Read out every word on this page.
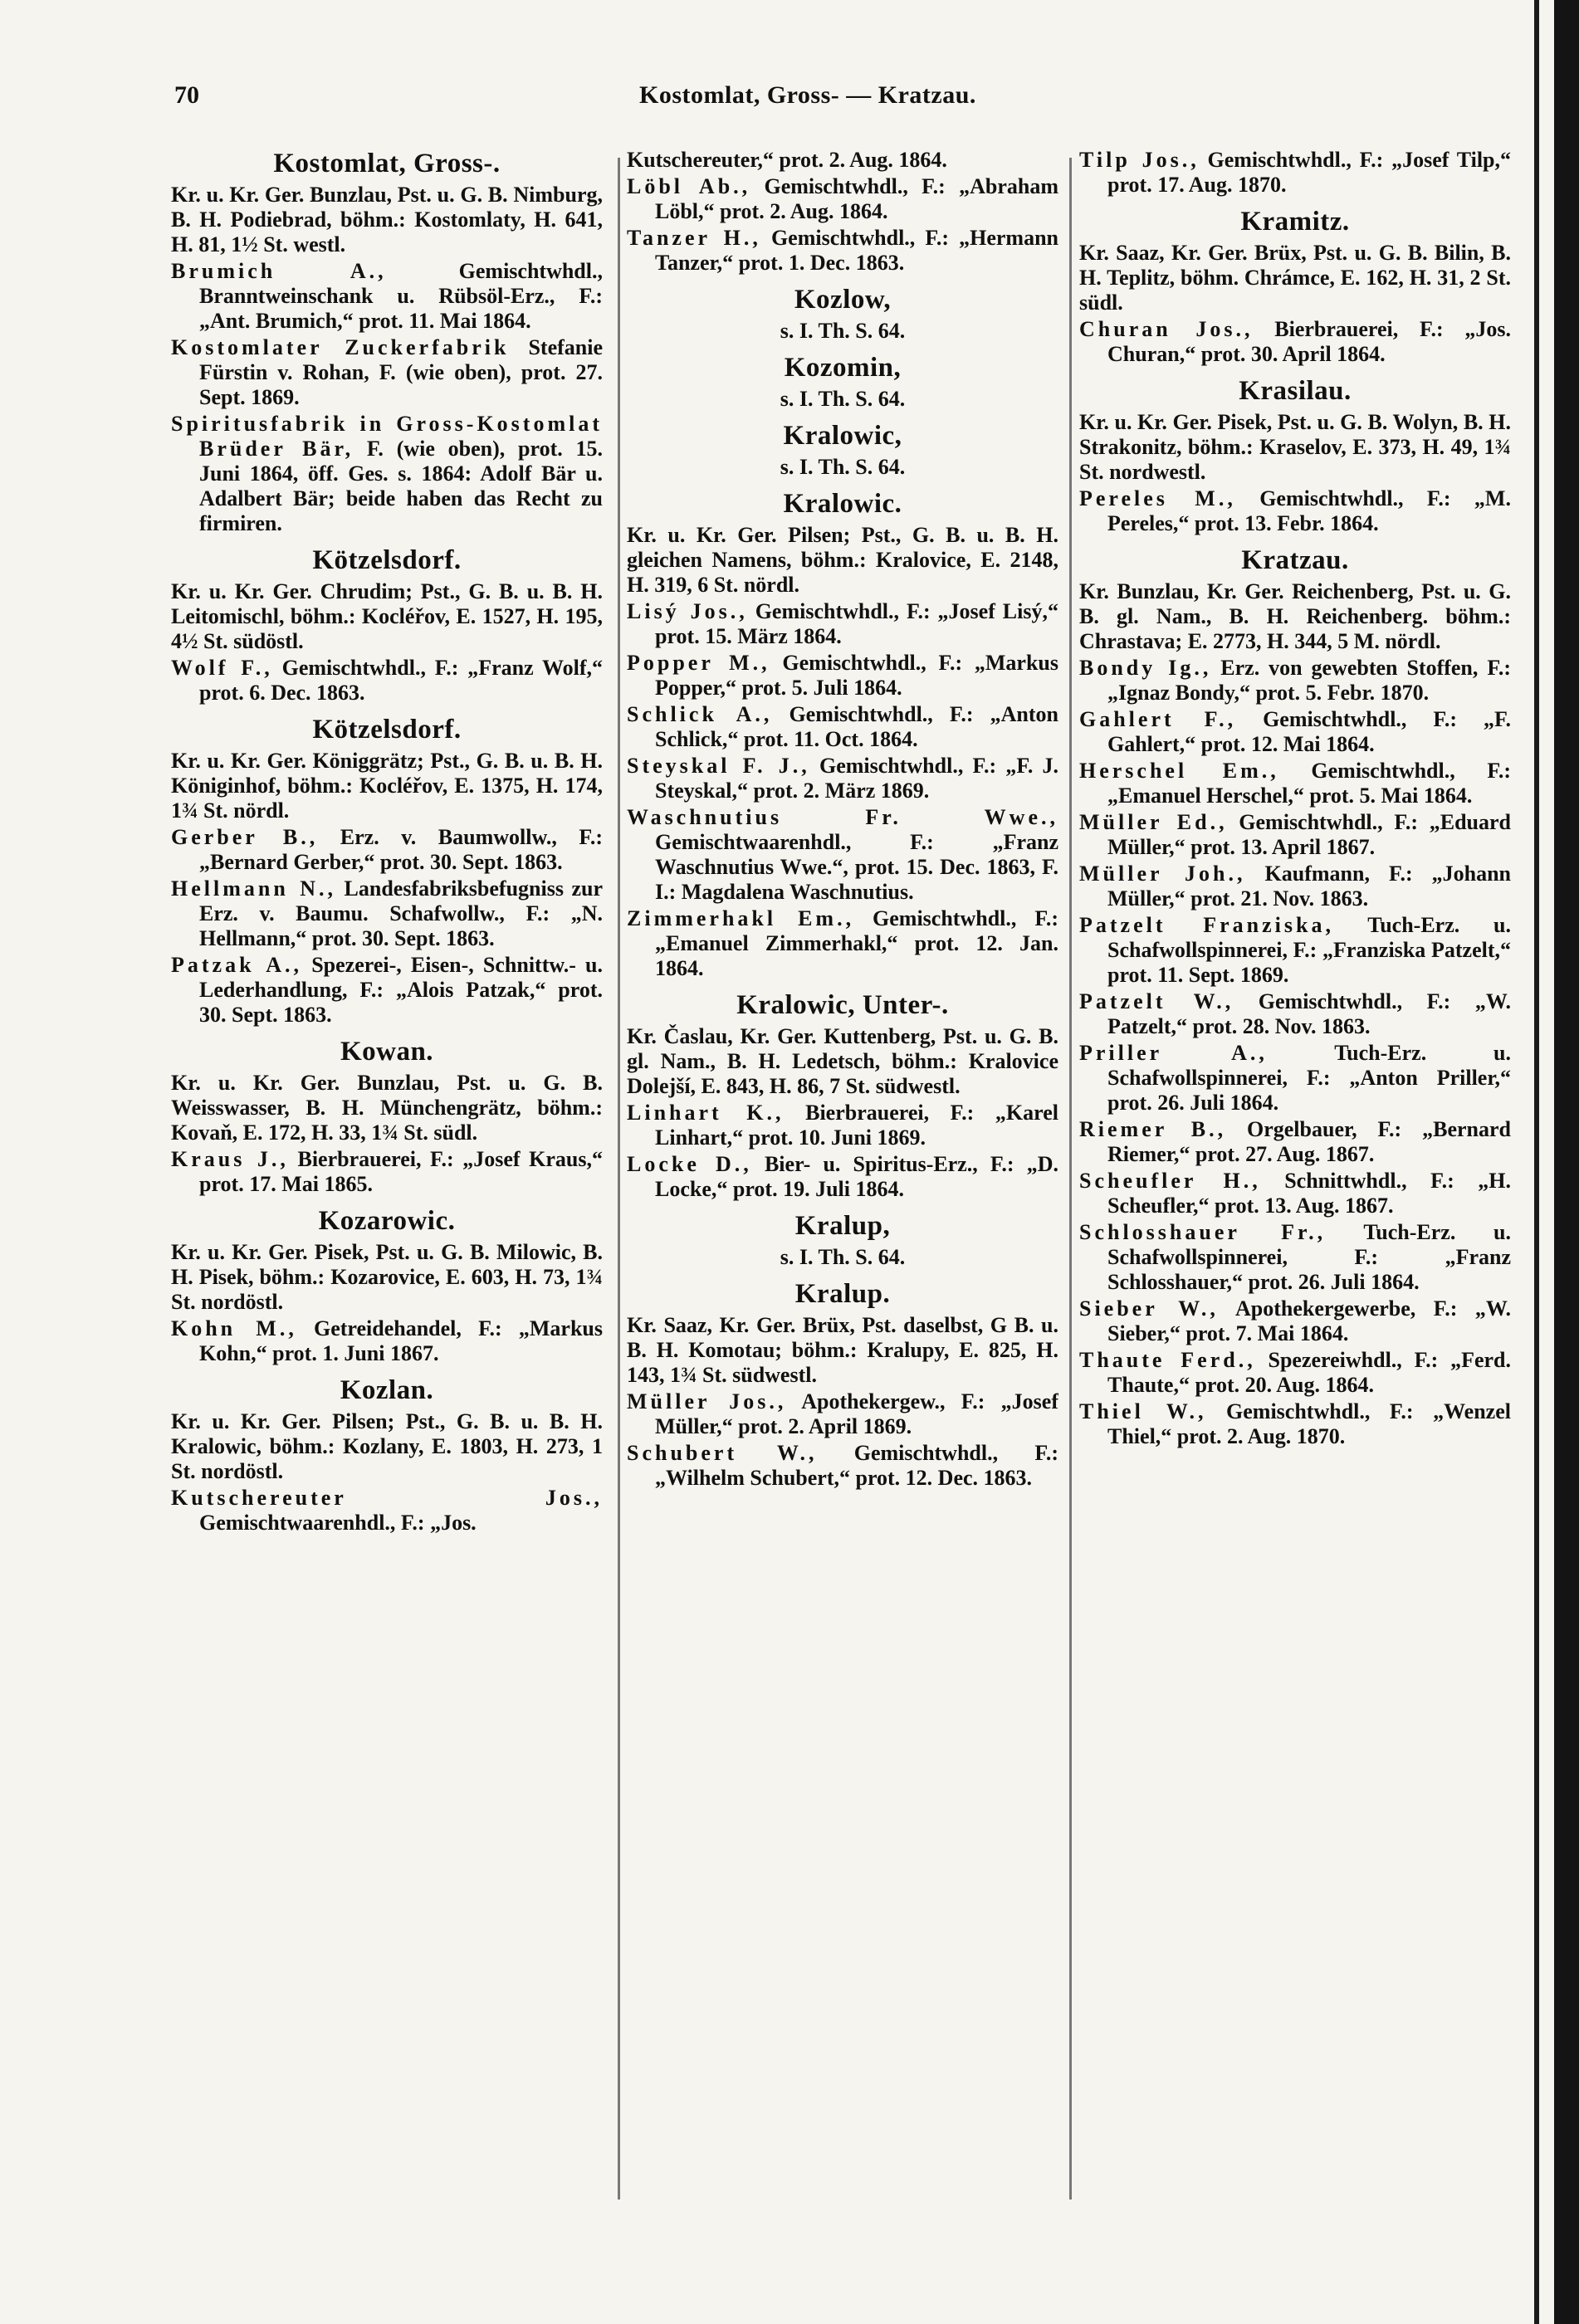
70	Kostomlat, Gross- — Kratzau.
Kostomlat, Gross-.
Kr. u. Kr. Ger. Bunzlau, Pst. u. G. B. Nimburg, B. H. Podiebrad, böhm.: Kostomlaty, H. 641, H. 81, 1½ St. westl.
Brumich A., Gemischtwhdl., Branntweinschank u. Rübsöl-Erz., F.: „Ant. Brumich,“ prot. 11. Mai 1864.
Kostomlater Zuckerfabrik Stefanie Fürstin v. Rohan, F. (wie oben), prot. 27. Sept. 1869.
Spiritusfabrik in Gross-Kostomlat Brüder Bär, F. (wie oben), prot. 15. Juni 1864, öff. Ges. s. 1864: Adolf Bär u. Adalbert Bär; beide haben das Recht zu firmiren.
Kötzelsdorf.
Kr. u. Kr. Ger. Chrudim; Pst., G. B. u. B. H. Leitomischl, böhm.: Kocléřov, E. 1527, H. 195, 4½ St. südöstl.
Wolf F., Gemischtwhdl., F.: „Franz Wolf,“ prot. 6. Dec. 1863.
Kötzelsdorf.
Kr. u. Kr. Ger. Königgrätz; Pst., G. B. u. B. H. Königinhof, böhm.: Kocléřov, E. 1375, H. 174, 1¾ St. nördl.
Gerber B., Erz. v. Baumwollw., F.: „Bernard Gerber,“ prot. 30. Sept. 1863.
Hellmann N., Landesfabriksbefugniss zur Erz. v. Baumu. Schafwollw., F.: „N. Hellmann,“ prot. 30. Sept. 1863.
Patzak A., Spezerei-, Eisen-, Schnittw.- u. Lederhandlung, F.: „Alois Patzak,“ prot. 30. Sept. 1863.
Kowan.
Kr. u. Kr. Ger. Bunzlau, Pst. u. G. B. Weisswasser, B. H. Münchengrätz, böhm.: Kovaň, E. 172, H. 33, 1¾ St. südl.
Kraus J., Bierbrauerei, F.: „Josef Kraus,“ prot. 17. Mai 1865.
Kozarowic.
Kr. u. Kr. Ger. Pisek, Pst. u. G. B. Milowic, B. H. Pisek, böhm.: Kozarovice, E. 603, H. 73, 1¾ St. nordöstl.
Kohn M., Getreidehandel, F.: „Markus Kohn,“ prot. 1. Juni 1867.
Kozlan.
Kr. u. Kr. Ger. Pilsen; Pst., G. B. u. B. H. Kralowic, böhm.: Kozlany, E. 1803, H. 273, 1 St. nordöstl.
Kutschereuter Jos., Gemischtwaarenhdl., F.: „Jos.
Kutschereuter,“ prot. 2. Aug. 1864.
Löbl Ab., Gemischtwhdl., F.: „Abraham Löbl,“ prot. 2. Aug. 1864.
Tanzer H., Gemischtwhdl., F.: „Hermann Tanzer,“ prot. 1. Dec. 1863.
Kozlow,
s. I. Th. S. 64.
Kozomin,
s. I. Th. S. 64.
Kralowic,
s. I. Th. S. 64.
Kralowic.
Kr. u. Kr. Ger. Pilsen; Pst., G. B. u. B. H. gleichen Namens, böhm.: Kralovice, E. 2148, H. 319, 6 St. nördl.
Lisý Jos., Gemischtwhdl., F.: „Josef Lisý,“ prot. 15. März 1864.
Popper M., Gemischtwhdl., F.: „Markus Popper,“ prot. 5. Juli 1864.
Schlick A., Gemischtwhdl., F.: „Anton Schlick,“ prot. 11. Oct. 1864.
Steyskal F. J., Gemischtwhdl., F.: „F. J. Steyskal,“ prot. 2. März 1869.
Waschnutius Fr. Wwe., Gemischtwaarenhdl., F.: „Franz Waschnutius Wwe.“, prot. 15. Dec. 1863, F. I.: Magdalena Waschnutius.
Zimmerhakl Em., Gemischtwhdl., F.: „Emanuel Zimmerhakl,“ prot. 12. Jan. 1864.
Kralowic, Unter-.
Kr. Časlau, Kr. Ger. Kuttenberg, Pst. u. G. B. gl. Nam., B. H. Ledetsch, böhm.: Kralovice Dolejší, E. 843, H. 86, 7 St. südwestl.
Linhart K., Bierbrauerei, F.: „Karel Linhart,“ prot. 10. Juni 1869.
Locke D., Bier- u. Spiritus-Erz., F.: „D. Locke,“ prot. 19. Juli 1864.
Kralup,
s. I. Th. S. 64.
Kralup.
Kr. Saaz, Kr. Ger. Brüx, Pst. daselbst, G B. u. B. H. Komotau; böhm.: Kralupy, E. 825, H. 143, 1¾ St. südwestl.
Müller Jos., Apothekergew., F.: „Josef Müller,“ prot. 2. April 1869.
Schubert W., Gemischtwhdl., F.: „Wilhelm Schubert,“ prot. 12. Dec. 1863.
Tilp Jos., Gemischtwhdl., F.: „Josef Tilp,“ prot. 17. Aug. 1870.
Kramitz.
Kr. Saaz, Kr. Ger. Brüx, Pst. u. G. B. Bilin, B. H. Teplitz, böhm. Chrámce, E. 162, H. 31, 2 St. südl.
Churan Jos., Bierbrauerei, F.: „Jos. Churan,“ prot. 30. April 1864.
Krasilau.
Kr. u. Kr. Ger. Pisek, Pst. u. G. B. Wolyn, B. H. Strakonitz, böhm.: Kraselov, E. 373, H. 49, 1¾ St. nordwestl.
Pereles M., Gemischtwhdl., F.: „M. Pereles,“ prot. 13. Febr. 1864.
Kratzau.
Kr. Bunzlau, Kr. Ger. Reichenberg, Pst. u. G. B. gl. Nam., B. H. Reichenberg. böhm.: Chrastava; E. 2773, H. 344, 5 M. nördl.
Bondy Ig., Erz. von gewebten Stoffen, F.: „Ignaz Bondy,“ prot. 5. Febr. 1870.
Gahlert F., Gemischtwhdl., F.: „F. Gahlert,“ prot. 12. Mai 1864.
Herschel Em., Gemischtwhdl., F.: „Emanuel Herschel,“ prot. 5. Mai 1864.
Müller Ed., Gemischtwhdl., F.: „Eduard Müller,“ prot. 13. April 1867.
Müller Joh., Kaufmann, F.: „Johann Müller,“ prot. 21. Nov. 1863.
Patzelt Franziska, Tuch-Erz. u. Schafwollspinnerei, F.: „Franziska Patzelt,“ prot. 11. Sept. 1869.
Patzelt W., Gemischtwhdl., F.: „W. Patzelt,“ prot. 28. Nov. 1863.
Priller A., Tuch-Erz. u. Schafwollspinnerei, F.: „Anton Priller,“ prot. 26. Juli 1864.
Riemer B., Orgelbauer, F.: „Bernard Riemer,“ prot. 27. Aug. 1867.
Scheufler H., Schnittwhdl., F.: „H. Scheufler,“ prot. 13. Aug. 1867.
Schlosshauer Fr., Tuch-Erz. u. Schafwollspinnerei, F.: „Franz Schlosshauer,“ prot. 26. Juli 1864.
Sieber W., Apothekergewerbe, F.: „W. Sieber,“ prot. 7. Mai 1864.
Thaute Ferd., Spezereiwhdl., F.: „Ferd. Thaute,“ prot. 20. Aug. 1864.
Thiel W., Gemischtwhdl., F.: „Wenzel Thiel,“ prot. 2. Aug. 1870.
